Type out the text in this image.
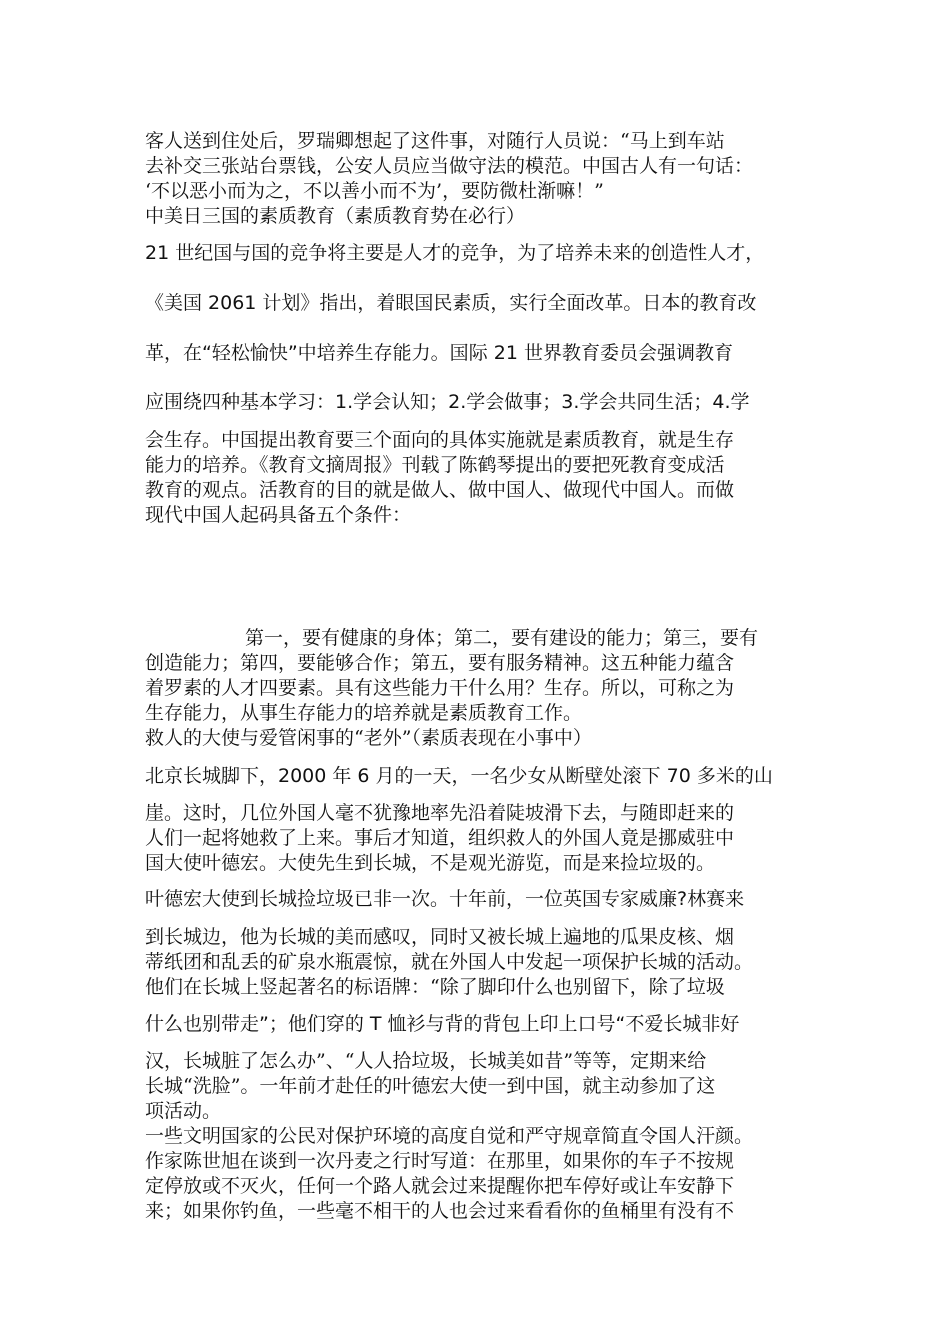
客人送到住处后，罗瑞卿想起了这件事，对随行人员说：“马上到车站
去补交三张站台票钱，公安人员应当做守法的模范。中国古人有一句话：
‘不以恶小而为之，不以善小而不为’，要防微杜渐嘛！”
中美日三国的素质教育（素质教育势在必行）
21 世纪国与国的竞争将主要是人才的竞争，为了培养未来的创造性人才，
《美国 2061 计划》指出，着眼国民素质，实行全面改革。日本的教育改
革，在“轻松愉快”中培养生存能力。国际 21 世界教育委员会强调教育
应围绕四种基本学习：1.学会认知；2.学会做事；3.学会共同生活；4.学
会生存。中国提出教育要三个面向的具体实施就是素质教育，就是生存
能力的培养。《教育文摘周报》刊载了陈鹤琴提出的要把死教育变成活
教育的观点。活教育的目的就是做人、做中国人、做现代中国人。而做
现代中国人起码具备五个条件：
第一，要有健康的身体；第二，要有建设的能力；第三，要有
创造能力；第四，要能够合作；第五，要有服务精神。这五种能力蕴含
着罗素的人才四要素。具有这些能力干什么用？生存。所以，可称之为
生存能力，从事生存能力的培养就是素质教育工作。
救人的大使与爱管闲事的“老外”（素质表现在小事中）
北京长城脚下，2000 年 6 月的一天，一名少女从断壁处滚下 70 多米的山
崖。这时，几位外国人毫不犹豫地率先沿着陡坡滑下去，与随即赶来的
人们一起将她救了上来。事后才知道，组织救人的外国人竟是挪威驻中
国大使叶德宏。大使先生到长城，不是观光游览，而是来捡垃圾的。
叶德宏大使到长城捡垃圾已非一次。十年前，一位英国专家威廉?林赛来
到长城边，他为长城的美而感叹，同时又被长城上遍地的瓜果皮核、烟
蒂纸团和乱丢的矿泉水瓶震惊，就在外国人中发起一项保护长城的活动。
他们在长城上竖起著名的标语牌：“除了脚印什么也别留下，除了垃圾
什么也别带走”；他们穿的 T 恤衫与背的背包上印上口号“不爱长城非好
汉，长城脏了怎么办”、“人人拾垃圾，长城美如昔”等等，定期来给
长城“洗脸”。一年前才赴任的叶德宏大使一到中国，就主动参加了这
项活动。
一些文明国家的公民对保护环境的高度自觉和严守规章简直令国人汗颜。
作家陈世旭在谈到一次丹麦之行时写道：在那里，如果你的车子不按规
定停放或不灭火，任何一个路人就会过来提醒你把车停好或让车安静下
来；如果你钓鱼，一些毫不相干的人也会过来看看你的鱼桶里有没有不
